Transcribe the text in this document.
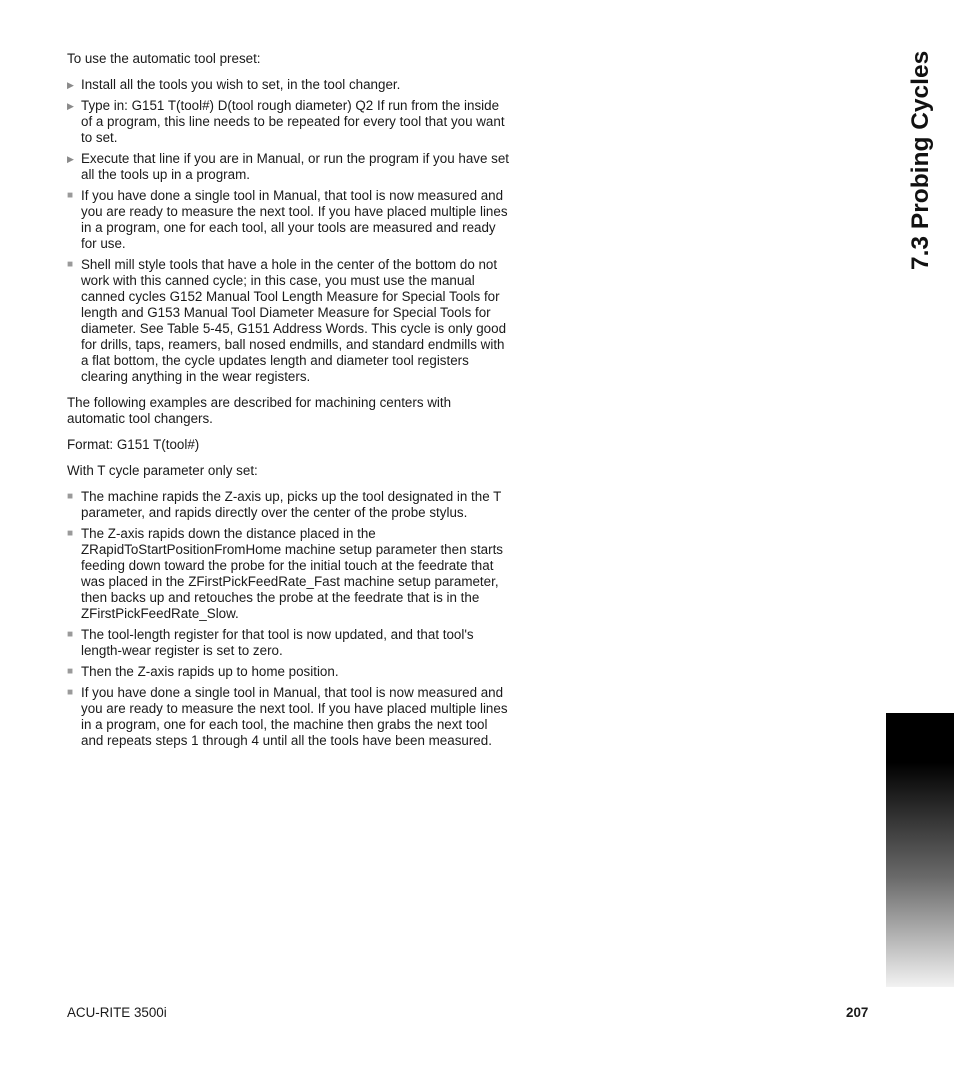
To use the automatic tool preset:

▶ Install all the tools you wish to set, in the tool changer.
▶ Type in: G151 T(tool#) D(tool rough diameter) Q2 If run from the inside of a program, this line needs to be repeated for every tool that you want to set.
▶ Execute that line if you are in Manual, or run the program if you have set all the tools up in a program.
■ If you have done a single tool in Manual, that tool is now measured and you are ready to measure the next tool. If you have placed multiple lines in a program, one for each tool, all your tools are measured and ready for use.
■ Shell mill style tools that have a hole in the center of the bottom do not work with this canned cycle; in this case, you must use the manual canned cycles G152 Manual Tool Length Measure for Special Tools for length and G153 Manual Tool Diameter Measure for Special Tools for diameter. See Table 5-45, G151 Address Words. This cycle is only good for drills, taps, reamers, ball nosed endmills, and standard endmills with a flat bottom, the cycle updates length and diameter tool registers clearing anything in the wear registers.

The following examples are described for machining centers with automatic tool changers.

Format: G151 T(tool#)

With T cycle parameter only set:

■ The machine rapids the Z-axis up, picks up the tool designated in the T parameter, and rapids directly over the center of the probe stylus.
■ The Z-axis rapids down the distance placed in the ZRapidToStartPositionFromHome machine setup parameter then starts feeding down toward the probe for the initial touch at the feedrate that was placed in the ZFirstPickFeedRate_Fast machine setup parameter, then backs up and retouches the probe at the feedrate that is in the ZFirstPickFeedRate_Slow.
■ The tool-length register for that tool is now updated, and that tool's length-wear register is set to zero.
■ Then the Z-axis rapids up to home position.
■ If you have done a single tool in Manual, that tool is now measured and you are ready to measure the next tool. If you have placed multiple lines in a program, one for each tool, the machine then grabs the next tool and repeats steps 1 through 4 until all the tools have been measured.
7.3 Probing Cycles
ACU-RITE 3500i	207
